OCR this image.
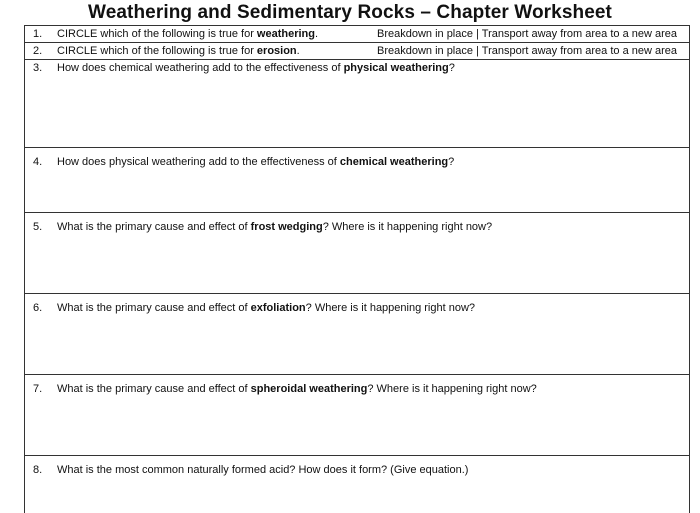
Weathering and Sedimentary Rocks – Chapter Worksheet
1. CIRCLE which of the following is true for weathering.	Breakdown in place | Transport away from area to a new area
2. CIRCLE which of the following is true for erosion.	Breakdown in place | Transport away from area to a new area
3. How does chemical weathering add to the effectiveness of physical weathering?
4. How does physical weathering add to the effectiveness of chemical weathering?
5. What is the primary cause and effect of frost wedging? Where is it happening right now?
6. What is the primary cause and effect of exfoliation? Where is it happening right now?
7. What is the primary cause and effect of spheroidal weathering? Where is it happening right now?
8. What is the most common naturally formed acid? How does it form? (Give equation.)
